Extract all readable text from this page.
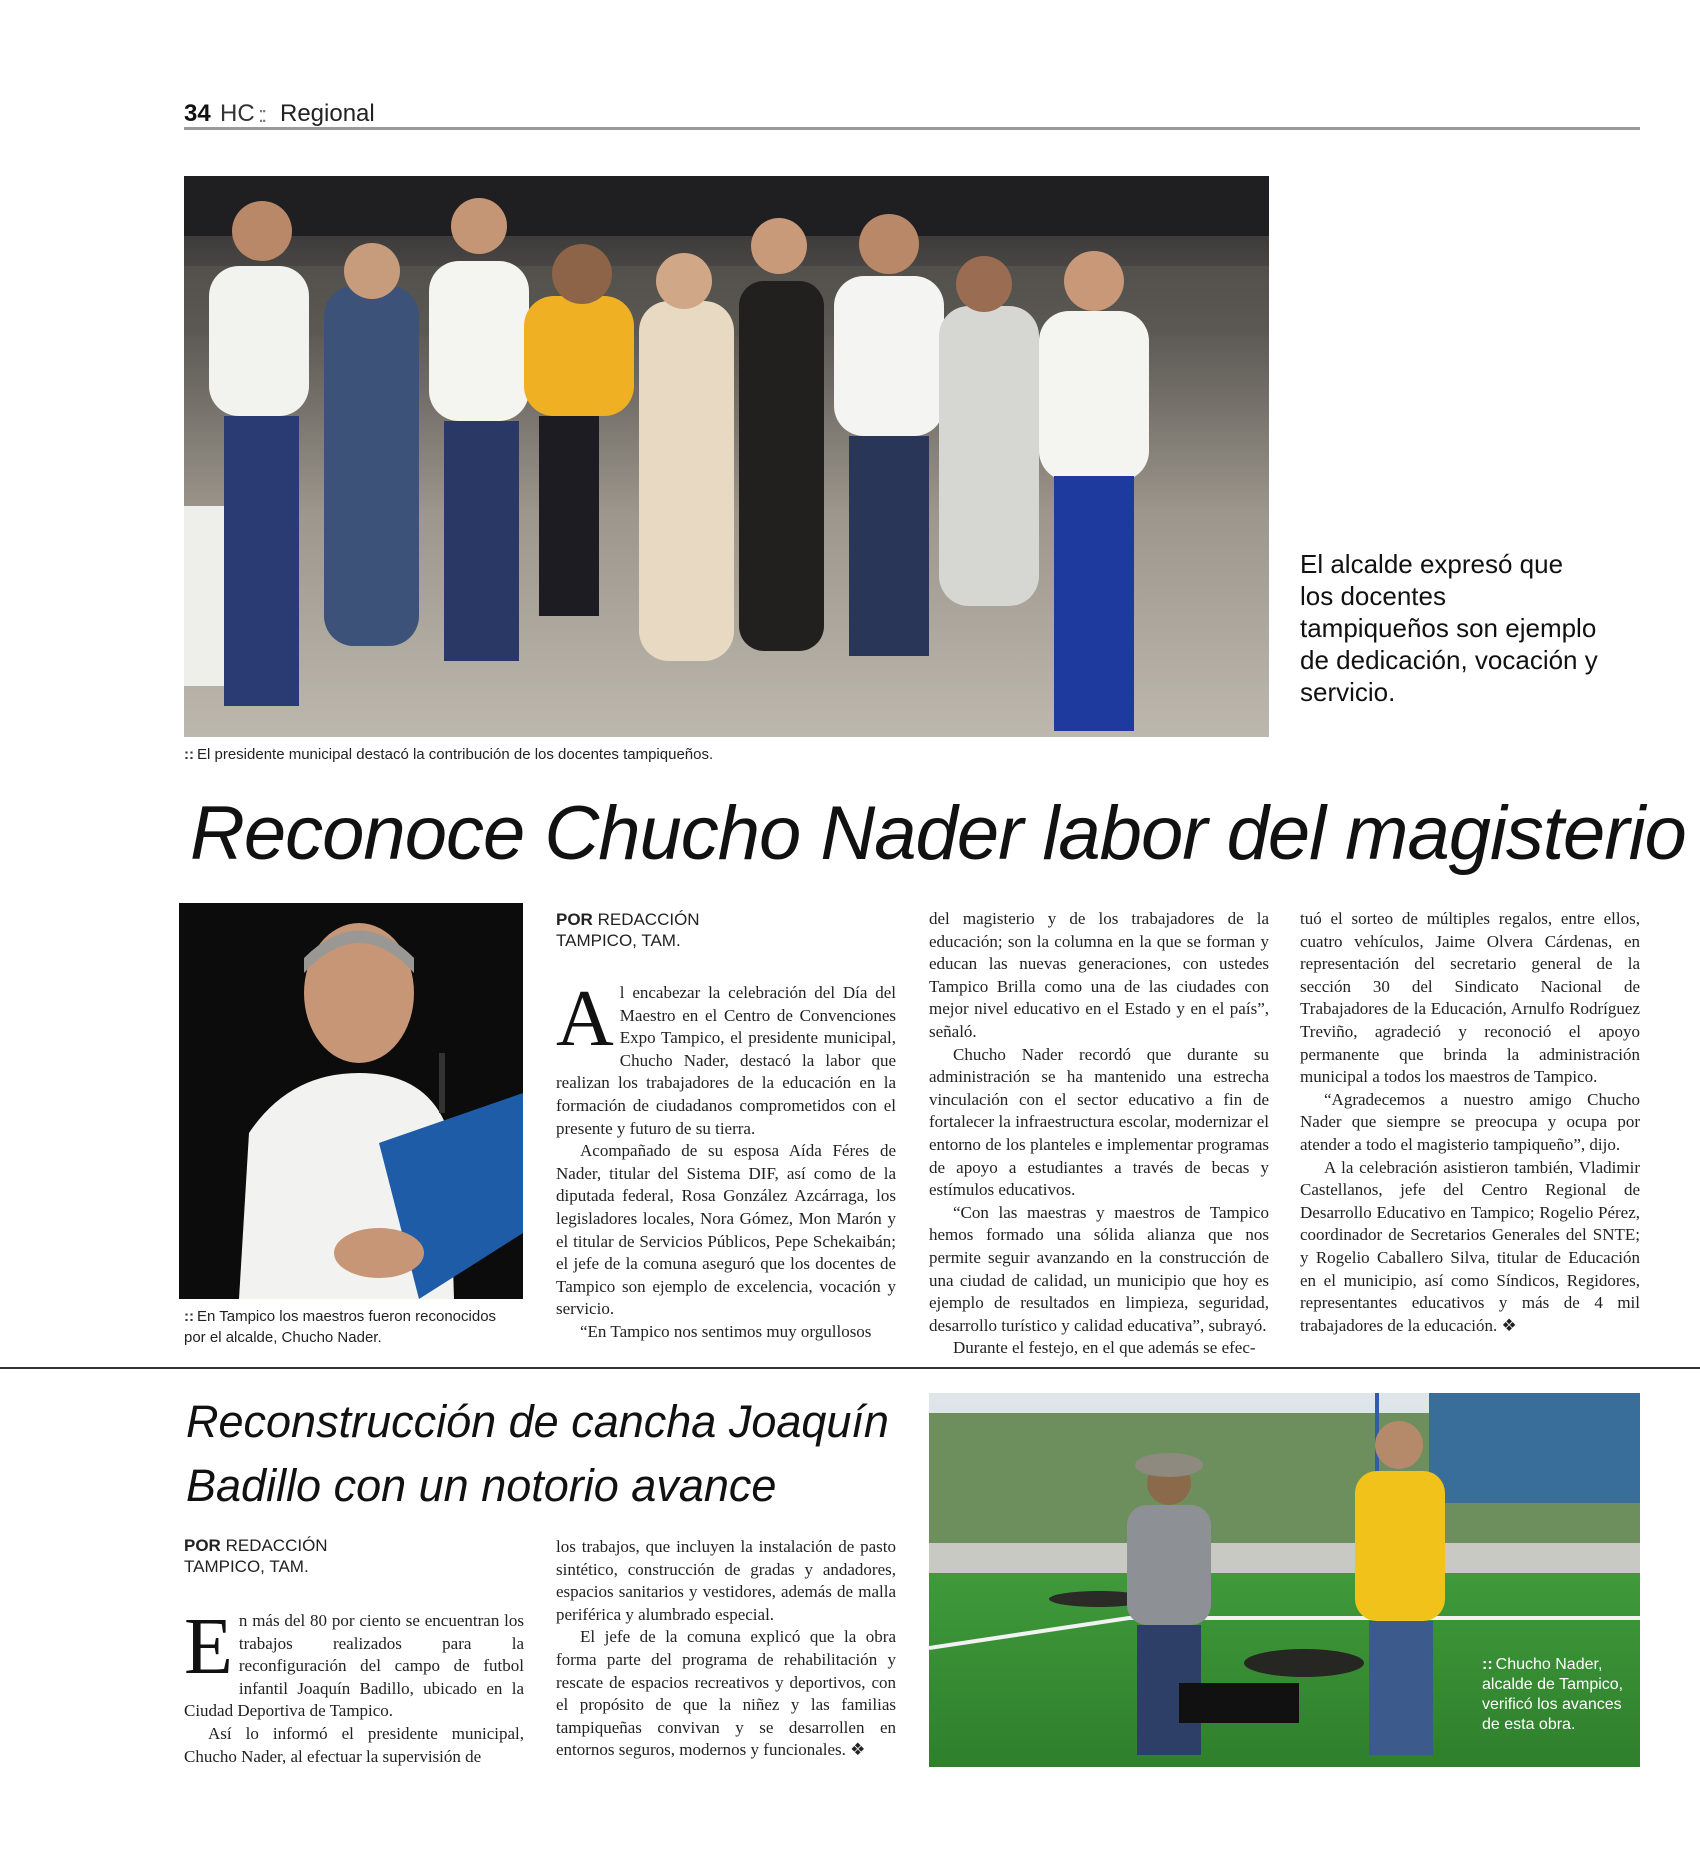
34 HC :: Regional
:: El presidente municipal destacó la contribución de los docentes tampiqueños.
El alcalde expresó que los docentes tampiqueños son ejemplo de dedicación, vocación y servicio.
Reconoce Chucho Nader labor del magisterio
:: En Tampico los maestros fueron reconocidos por el alcalde, Chucho Nader.
POR REDACCIÓN
TAMPICO, TAM.

Al encabezar la celebración del Día del Maestro en el Centro de Convenciones Expo Tampico, el presidente municipal, Chucho Nader, destacó la labor que realizan los trabajadores de la educación en la formación de ciudadanos comprometidos con el presente y futuro de su tierra.

Acompañado de su esposa Aída Féres de Nader, titular del Sistema DIF, así como de la diputada federal, Rosa González Azcárraga, los legisladores locales, Nora Gómez, Mon Marón y el titular de Servicios Públicos, Pepe Schekaibán; el jefe de la comuna aseguró que los docentes de Tampico son ejemplo de excelencia, vocación y servicio.

“En Tampico nos sentimos muy orgullosos

del magisterio y de los trabajadores de la educación; son la columna en la que se forman y educan las nuevas generaciones, con ustedes Tampico Brilla como una de las ciudades con mejor nivel educativo en el Estado y en el país”, señaló.

Chucho Nader recordó que durante su administración se ha mantenido una estrecha vinculación con el sector educativo a fin de fortalecer la infraestructura escolar, modernizar el entorno de los planteles e implementar programas de apoyo a estudiantes a través de becas y estímulos educativos.

“Con las maestras y maestros de Tampico hemos formado una sólida alianza que nos permite seguir avanzando en la construcción de una ciudad de calidad, un municipio que hoy es ejemplo de resultados en limpieza, seguridad, desarrollo turístico y calidad educativa”, subrayó.

Durante el festejo, en el que además se efec-

tuó el sorteo de múltiples regalos, entre ellos, cuatro vehículos, Jaime Olvera Cárdenas, en representación del secretario general de la sección 30 del Sindicato Nacional de Trabajadores de la Educación, Arnulfo Rodríguez Treviño, agradeció y reconoció el apoyo permanente que brinda la administración municipal a todos los maestros de Tampico.

“Agradecemos a nuestro amigo Chucho Nader que siempre se preocupa y ocupa por atender a todo el magisterio tampiqueño”, dijo.

A la celebración asistieron también, Vladimir Castellanos, jefe del Centro Regional de Desarrollo Educativo en Tampico; Rogelio Pérez, coordinador de Secretarios Generales del SNTE; y Rogelio Caballero Silva, titular de Educación en el municipio, así como Síndicos, Regidores, representantes educativos y más de 4 mil trabajadores de la educación. ❖

Reconstrucción de cancha Joaquín Badillo con un notorio avance
POR REDACCIÓN
TAMPICO, TAM.

En más del 80 por ciento se encuentran los trabajos realizados para la reconfiguración del campo de futbol infantil Joaquín Badillo, ubicado en la Ciudad Deportiva de Tampico.

Así lo informó el presidente municipal, Chucho Nader, al efectuar la supervisión de

los trabajos, que incluyen la instalación de pasto sintético, construcción de gradas y andadores, espacios sanitarios y vestidores, además de malla periférica y alumbrado especial.

El jefe de la comuna explicó que la obra forma parte del programa de rehabilitación y rescate de espacios recreativos y deportivos, con el propósito de que la niñez y las familias tampiqueñas convivan y se desarrollen en entornos seguros, modernos y funcionales. ❖

:: Chucho Nader, alcalde de Tampico, verificó los avances de esta obra.
